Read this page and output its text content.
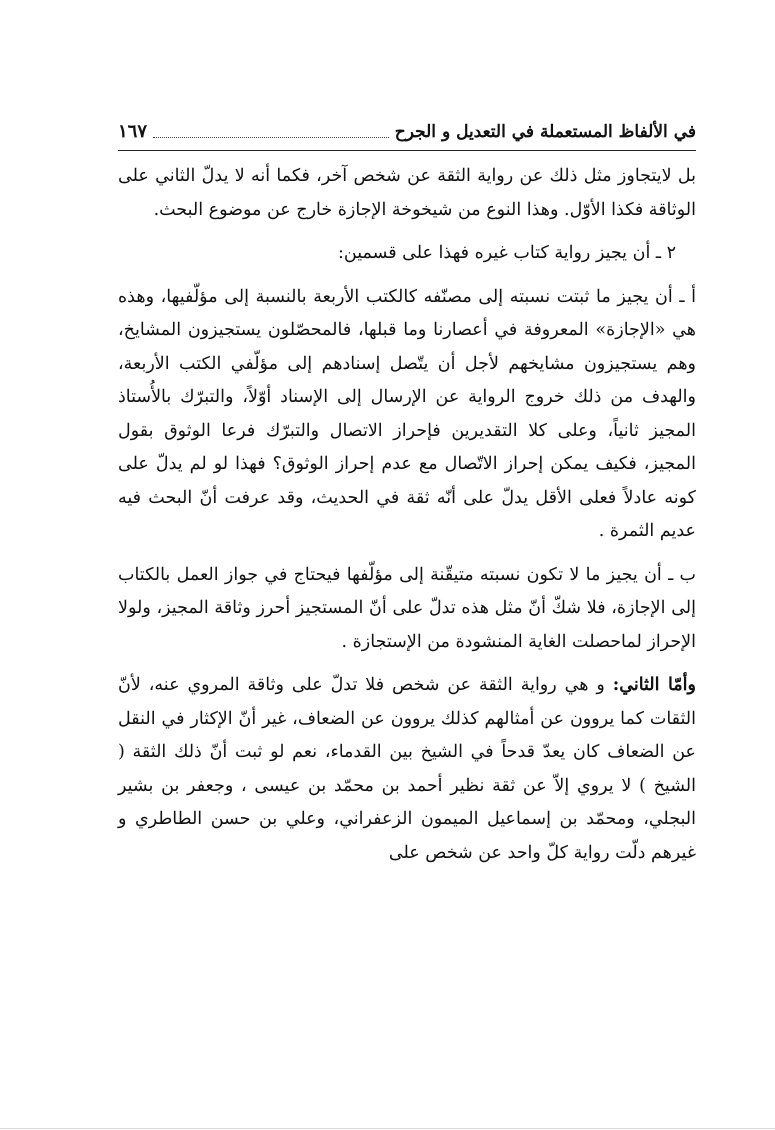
في الألفاظ المستعملة في التعديل و الجرح
١٦٧

بل لايتجاوز مثل ذلك عن رواية الثقة عن شخص آخر، فكما أنه لا يدلّ الثاني على الوثاقة فكذا الأوّل. وهذا النوع من شيخوخة الإجازة خارج عن موضوع البحث.

٢ ـ أن يجيز رواية كتاب غيره فهذا على قسمين:

أ ـ أن يجيز ما ثبتت نسبته إلى مصنّفه كالكتب الأربعة بالنسبة إلى مؤلّفيها، وهذه هي «الإجازة» المعروفة في أعصارنا وما قبلها، فالمحصّلون يستجيزون المشايخ، وهم يستجيزون مشايخهم لأجل أن يتّصل إسنادهم إلى مؤلّفي الكتب الأربعة، والهدف من ذلك خروج الرواية عن الإرسال إلى الإسناد أوّلاً، والتبرّك بالأُستاذ المجيز ثانياً، وعلى كلا التقديرين فإحراز الاتصال والتبرّك فرعا الوثوق بقول المجيز، فكيف يمكن إحراز الاتّصال مع عدم إحراز الوثوق؟ فهذا لو لم يدلّ على كونه عادلاً فعلى الأقل يدلّ على أنّه ثقة في الحديث، وقد عرفت أنّ البحث فيه عديم الثمرة .

ب ـ أن يجيز ما لا تكون نسبته متيقّنة إلى مؤلّفها فيحتاج في جواز العمل بالكتاب إلى الإجازة، فلا شكّ أنّ مثل هذه تدلّ على أنّ المستجيز أحرز وثاقة المجيز، ولولا الإحراز لماحصلت الغاية المنشودة من الإستجازة .

وأمّا الثاني: و هي رواية الثقة عن شخص فلا تدلّ على وثاقة المروي عنه، لأنّ الثقات كما يروون عن أمثالهم كذلك يروون عن الضعاف، غير أنّ الإكثار في النقل عن الضعاف كان يعدّ قدحاً في الشيخ بين القدماء، نعم لو ثبت أنّ ذلك الثقة ( الشيخ ) لا يروي إلاّ عن ثقة نظير أحمد بن محمّد بن عيسى ، وجعفر بن بشير البجلي، ومحمّد بن إسماعيل الميمون الزعفراني، وعلي بن حسن الطاطري و غيرهم دلّت رواية كلّ واحد عن شخص على
